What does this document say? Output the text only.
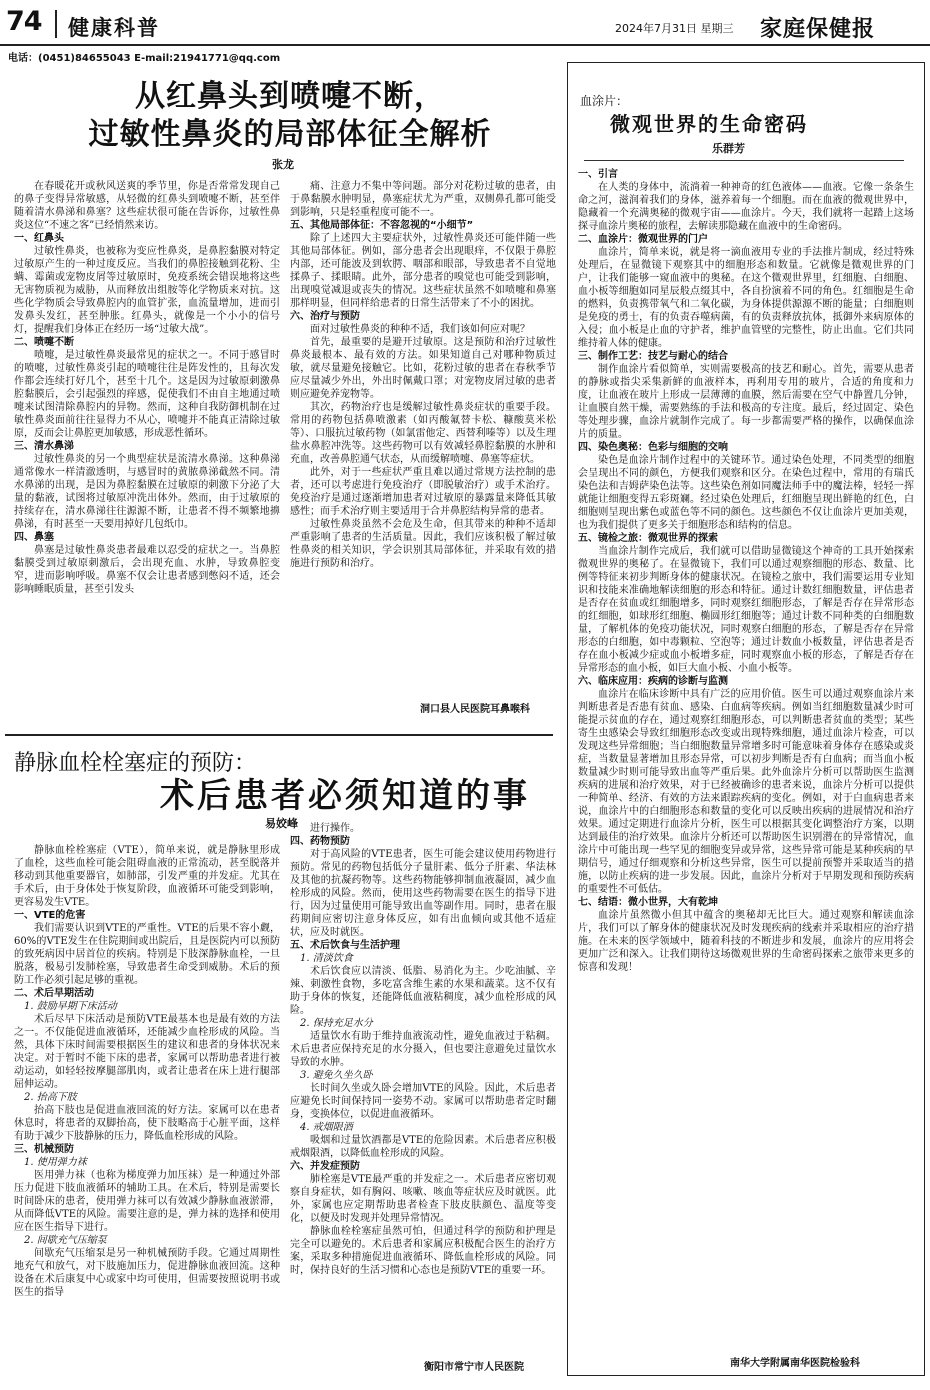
74 健康科普	2024年7月31日 星期三 家庭保健报
电话：(0451)84655043 E-mail:21941771@qq.com
从红鼻头到喷嚏不断，
过敏性鼻炎的局部体征全解析
张龙

在春暖花开或秋风送爽的季节里，你是否常常发现自己的鼻子变得异常敏感，从轻微的红鼻头到喷嚏不断，甚至伴随着清水鼻涕和鼻塞？这些症状很可能在告诉你，过敏性鼻炎这位“不速之客”已经悄然来访。

一、红鼻头

过敏性鼻炎，也被称为变应性鼻炎，是鼻腔黏膜对特定过敏原产生的一种过度反应。当我们的鼻腔接触到花粉、尘螨、霉菌或宠物皮屑等过敏原时，免疫系统会错误地将这些无害物质视为威胁，从而释放出组胺等化学物质来对抗。这些化学物质会导致鼻腔内的血管扩张，血流量增加，进而引发鼻头发红，甚至肿胀。红鼻头，就像是一个小小的信号灯，提醒我们身体正在经历一场“过敏大战”。

二、喷嚏不断

喷嚏，是过敏性鼻炎最常见的症状之一。不同于感冒时的喷嚏，过敏性鼻炎引起的喷嚏往往是阵发性的，且每次发作都会连续打好几个，甚至十几个。这是因为过敏原刺激鼻腔黏膜后，会引起强烈的痒感，促使我们不由自主地通过喷嚏来试图清除鼻腔内的异物。然而，这种自我防御机制在过敏性鼻炎面前往往显得力不从心，喷嚏并不能真正清除过敏原，反而会让鼻腔更加敏感，形成恶性循环。

三、清水鼻涕

过敏性鼻炎的另一个典型症状是流清水鼻涕。这种鼻涕通常像水一样清澈透明，与感冒时的黄脓鼻涕截然不同。清水鼻涕的出现，是因为鼻腔黏膜在过敏原的刺激下分泌了大量的黏液，试图将过敏原冲洗出体外。然而，由于过敏原的持续存在，清水鼻涕往往源源不断，让患者不得不频繁地擤鼻涕，有时甚至一天要用掉好几包纸巾。

四、鼻塞

鼻塞是过敏性鼻炎患者最难以忍受的症状之一。当鼻腔黏膜受到过敏原刺激后，会出现充血、水肿，导致鼻腔变窄，进而影响呼吸。鼻塞不仅会让患者感到憋闷不适，还会影响睡眠质量，甚至引发头

痛、注意力不集中等问题。部分对花粉过敏的患者，由于鼻黏膜水肿明显，鼻塞症状尤为严重，双侧鼻孔都可能受到影响，只是轻重程度可能不一。

五、其他局部体征：不容忽视的“小细节”

除了上述四大主要症状外，过敏性鼻炎还可能伴随一些其他局部体征。例如，部分患者会出现眼痒，不仅限于鼻腔内部，还可能波及到软腭、咽部和眼部，导致患者不自觉地揉鼻子、揉眼睛。此外，部分患者的嗅觉也可能受到影响，出现嗅觉减退或丧失的情况。这些症状虽然不如喷嚏和鼻塞那样明显，但同样给患者的日常生活带来了不小的困扰。

六、治疗与预防

面对过敏性鼻炎的种种不适，我们该如何应对呢？

首先，最重要的是避开过敏原。这是预防和治疗过敏性鼻炎最根本、最有效的方法。如果知道自己对哪种物质过敏，就尽量避免接触它。比如，花粉过敏的患者在春秋季节应尽量减少外出，外出时佩戴口罩；对宠物皮屑过敏的患者则应避免养宠物等。

其次，药物治疗也是缓解过敏性鼻炎症状的重要手段。常用的药物包括鼻喷激素（如丙酸氟替卡松、糠酸莫米松等）、口服抗过敏药物（如氯雷他定、西替利嗪等）以及生理盐水鼻腔冲洗等。这些药物可以有效减轻鼻腔黏膜的水肿和充血，改善鼻腔通气状态，从而缓解喷嚏、鼻塞等症状。

此外，对于一些症状严重且难以通过常规方法控制的患者，还可以考虑进行免疫治疗（即脱敏治疗）或手术治疗。免疫治疗是通过逐渐增加患者对过敏原的暴露量来降低其敏感性；而手术治疗则主要适用于合并鼻腔结构异常的患者。

过敏性鼻炎虽然不会危及生命，但其带来的种种不适却严重影响了患者的生活质量。因此，我们应该积极了解过敏性鼻炎的相关知识，学会识别其局部体征，并采取有效的措施进行预防和治疗。

洞口县人民医院耳鼻喉科
静脉血栓栓塞症的预防：
术后患者必须知道的事
易姣峰

静脉血栓栓塞症（VTE），简单来说，就是静脉里形成了血栓，这些血栓可能会阻碍血液的正常流动，甚至脱落并移动到其他重要器官，如肺部，引发严重的并发症。尤其在手术后，由于身体处于恢复阶段，血液循环可能受到影响，更容易发生VTE。

一、VTE的危害

我们需要认识到VTE的严重性。VTE的后果不容小觑，60%的VTE发生在住院期间或出院后，且是医院内可以预防的致死病因中居首位的疾病。特别是下肢深静脉血栓，一旦脱落，极易引发肺栓塞，导致患者生命受到威胁。术后的预防工作必须引起足够的重视。

二、术后早期活动

1. 鼓励早期下床活动

术后尽早下床活动是预防VTE最基本也是最有效的方法之一。不仅能促进血液循环，还能减少血栓形成的风险。当然，具体下床时间需要根据医生的建议和患者的身体状况来决定。对于暂时不能下床的患者，家属可以帮助患者进行被动运动，如轻轻按摩腿部肌肉，或者让患者在床上进行腿部屈伸运动。

2. 抬高下肢

抬高下肢也是促进血液回流的好方法。家属可以在患者休息时，将患者的双脚抬高，使下肢略高于心脏平面，这样有助于减少下肢静脉的压力，降低血栓形成的风险。

三、机械预防

1. 使用弹力袜

医用弹力袜（也称为梯度弹力加压袜）是一种通过外部压力促进下肢血液循环的辅助工具。在术后，特别是需要长时间卧床的患者，使用弹力袜可以有效减少静脉血液淤滞，从而降低VTE的风险。需要注意的是，弹力袜的选择和使用应在医生指导下进行。

2. 间歇充气压缩泵

间歇充气压缩泵是另一种机械预防手段。它通过周期性地充气和放气，对下肢施加压力，促进静脉血液回流。这种设备在术后康复中心或家中均可使用，但需要按照说明书或医生的指导

进行操作。

四、药物预防

对于高风险的VTE患者，医生可能会建议使用药物进行预防。常见的药物包括低分子量肝素、低分子肝素、华法林及其他的抗凝药物等。这些药物能够抑制血液凝固，减少血栓形成的风险。然而，使用这些药物需要在医生的指导下进行，因为过量使用可能导致出血等副作用。同时，患者在服药期间应密切注意身体反应，如有出血倾向或其他不适症状，应及时就医。

五、术后饮食与生活护理

1. 清淡饮食

术后饮食应以清淡、低脂、易消化为主。少吃油腻、辛辣、刺激性食物，多吃富含维生素的水果和蔬菜。这不仅有助于身体的恢复，还能降低血液粘稠度，减少血栓形成的风险。

2. 保持充足水分

适量饮水有助于维持血液流动性，避免血液过于粘稠。术后患者应保持充足的水分摄入，但也要注意避免过量饮水导致的水肿。

3. 避免久坐久卧

长时间久坐或久卧会增加VTE的风险。因此，术后患者应避免长时间保持同一姿势不动。家属可以帮助患者定时翻身，变换体位，以促进血液循环。

4. 戒烟限酒

吸烟和过量饮酒都是VTE的危险因素。术后患者应积极戒烟限酒，以降低血栓形成的风险。

六、并发症预防

肺栓塞是VTE最严重的并发症之一。术后患者应密切观察自身症状，如有胸闷、咳嗽、咳血等症状应及时就医。此外，家属也应定期帮助患者检查下肢皮肤颜色、温度等变化，以便及时发现并处理异常情况。

静脉血栓栓塞症虽然可怕，但通过科学的预防和护理是完全可以避免的。术后患者和家属应积极配合医生的治疗方案，采取多种措施促进血液循环、降低血栓形成的风险。同时，保持良好的生活习惯和心态也是预防VTE的重要一环。

衡阳市常宁市人民医院
血涂片：
微观世界的生命密码
乐群芳

一、引言

在人类的身体中，流淌着一种神奇的红色液体——血液。它像一条条生命之河，滋润着我们的身体，滋养着每一个细胞。而在血液的微观世界中，隐藏着一个充满奥秘的微观宇宙——血涂片。今天，我们就将一起踏上这场探寻血涂片奥秘的旅程，去解读那隐藏在血液中的生命密码。

二、血涂片：微观世界的门户

血涂片，简单来说，就是将一滴血液用专业的手法推片制成，经过特殊处理后，在显微镜下观察其中的细胞形态和数量。它就像是微观世界的门户，让我们能够一窥血液中的奥秘。在这个微观世界里，红细胞、白细胞、血小板等细胞如同星辰般点缀其中，各自扮演着不同的角色。红细胞是生命的燃料，负责携带氧气和二氧化碳，为身体提供源源不断的能量；白细胞则是免疫的勇士，有的负责吞噬病菌，有的负责释放抗体，抵御外来病原体的入侵；血小板是止血的守护者，维护血管壁的完整性，防止出血。它们共同维持着人体的健康。

三、制作工艺：技艺与耐心的结合

制作血涂片看似简单，实则需要极高的技艺和耐心。首先，需要从患者的静脉或指尖采集新鲜的血液样本，再利用专用的玻片，合适的角度和力度，让血液在玻片上形成一层薄薄的血膜，然后需要在空气中静置几分钟，让血膜自然干燥，需要熟练的手法和极高的专注度。最后，经过固定、染色等处理步骤，血涂片就制作完成了。每一步都需要严格的操作，以确保血涂片的质量。

四、染色奥秘：色彩与细胞的交响

染色是血涂片制作过程中的关键环节。通过染色处理，不同类型的细胞会呈现出不同的颜色，方便我们观察和区分。在染色过程中，常用的有瑞氏染色法和吉姆萨染色法等。这些染色剂如同魔法师手中的魔法棒，轻轻一挥就能让细胞变得五彩斑斓。经过染色处理后，红细胞呈现出鲜艳的红色，白细胞则呈现出紫色或蓝色等不同的颜色。这些颜色不仅让血涂片更加美观，也为我们提供了更多关于细胞形态和结构的信息。

五、镜检之旅：微观世界的探索

当血涂片制作完成后，我们就可以借助显微镜这个神奇的工具开始探索微观世界的奥秘了。在显微镜下，我们可以通过观察细胞的形态、数量、比例等特征来初步判断身体的健康状况。在镜检之旅中，我们需要运用专业知识和技能来准确地解读细胞的形态和特征。通过计数红细胞数量，评估患者是否存在贫血或红细胞增多，同时观察红细胞形态，了解是否存在异常形态的红细胞，如球形红细胞、椭圆形红细胞等；通过计数不同种类的白细胞数量，了解机体的免疫功能状况，同时观察白细胞的形态，了解是否存在异常形态的白细胞，如中毒颗粒、空泡等；通过计数血小板数量，评估患者是否存在血小板减少症或血小板增多症，同时观察血小板的形态，了解是否存在异常形态的血小板，如巨大血小板、小血小板等。

六、临床应用：疾病的诊断与监测

血涂片在临床诊断中具有广泛的应用价值。医生可以通过观察血涂片来判断患者是否患有贫血、感染、白血病等疾病。例如当红细胞数量减少时可能提示贫血的存在，通过观察红细胞形态，可以判断患者贫血的类型；某些寄生虫感染会导致红细胞形态改变或出现特殊细胞，通过血涂片检查，可以发现这些异常细胞；当白细胞数量异常增多时可能意味着身体存在感染或炎症，当数量显著增加且形态异常，可以初步判断是否有白血病；而当血小板数量减少时则可能导致出血等严重后果。此外血涂片分析可以帮助医生监测疾病的进展和治疗效果，对于已经被确诊的患者来说，血涂片分析可以提供一种简单、经济、有效的方法来跟踪疾病的变化。例如，对于白血病患者来说，血涂片中的白细胞形态和数量的变化可以反映出疾病的进展情况和治疗效果。通过定期进行血涂片分析，医生可以根据其变化调整治疗方案，以期达到最佳的治疗效果。血涂片分析还可以帮助医生识别潜在的异常情况，血涂片中可能出现一些罕见的细胞变异或异常，这些异常可能是某种疾病的早期信号，通过仔细观察和分析这些异常，医生可以提前预警并采取适当的措施，以防止疾病的进一步发展。因此，血涂片分析对于早期发现和预防疾病的重要性不可低估。

七、结语：微小世界，大有乾坤

血涂片虽然微小但其中蕴含的奥秘却无比巨大。通过观察和解读血涂片，我们可以了解身体的健康状况及时发现疾病的线索并采取相应的治疗措施。在未来的医学领域中，随着科技的不断进步和发展，血涂片的应用将会更加广泛和深入。让我们期待这场微观世界的生命密码探索之旅带来更多的惊喜和发现！

南华大学附属南华医院检验科
